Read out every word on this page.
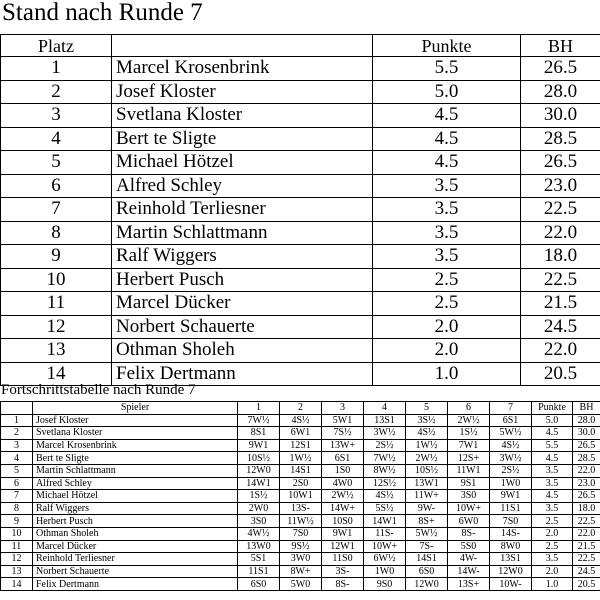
Stand nach Runde 7
Platz		Punkte	BH
1	Marcel Krosenbrink	5.5	26.5
2	Josef Kloster	5.0	28.0
3	Svetlana Kloster	4.5	30.0
4	Bert te Sligte	4.5	28.5
5	Michael Hötzel	4.5	26.5
6	Alfred Schley	3.5	23.0
7	Reinhold Terliesner	3.5	22.5
8	Martin Schlattmann	3.5	22.0
9	Ralf Wiggers	3.5	18.0
10	Herbert Pusch	2.5	22.5
11	Marcel Dücker	2.5	21.5
12	Norbert Schauerte	2.0	24.5
13	Othman Sholeh	2.0	22.0
14	Felix Dertmann	1.0	20.5
Fortschrittstabelle nach Runde 7
	Spieler	1	2	3	4	5	6	7	Punkte	BH
1	Josef Kloster	7W½	4S½	5W1	13S1	3S½	2W½	6S1	5.0	28.0
2	Svetlana Kloster	8S1	6W1	7S½	3W½	4S½	1S½	5W½	4.5	30.0
3	Marcel Krosenbrink	9W1	12S1	13W+	2S½	1W½	7W1	4S½	5.5	26.5
4	Bert te Sligte	10S½	1W½	6S1	7W½	2W½	12S+	3W½	4.5	28.5
5	Martin Schlattmann	12W0	14S1	1S0	8W½	10S½	11W1	2S½	3.5	22.0
6	Alfred Schley	14W1	2S0	4W0	12S½	13W1	9S1	1W0	3.5	23.0
7	Michael Hötzel	1S½	10W1	2W½	4S½	11W+	3S0	9W1	4.5	26.5
8	Ralf Wiggers	2W0	13S-	14W+	5S½	9W-	10W+	11S1	3.5	18.0
9	Herbert Pusch	3S0	11W½	10S0	14W1	8S+	6W0	7S0	2.5	22.5
10	Othman Sholeh	4W½	7S0	9W1	11S-	5W½	8S-	14S-	2.0	22.0
11	Marcel Dücker	13W0	9S½	12W1	10W+	7S-	5S0	8W0	2.5	21.5
12	Reinhold Terliesner	5S1	3W0	11S0	6W½	14S1	4W-	13S1	3.5	22.5
13	Norbert Schauerte	11S1	8W+	3S-	1W0	6S0	14W-	12W0	2.0	24.5
14	Felix Dertmann	6S0	5W0	8S-	9S0	12W0	13S+	10W-	1.0	20.5
